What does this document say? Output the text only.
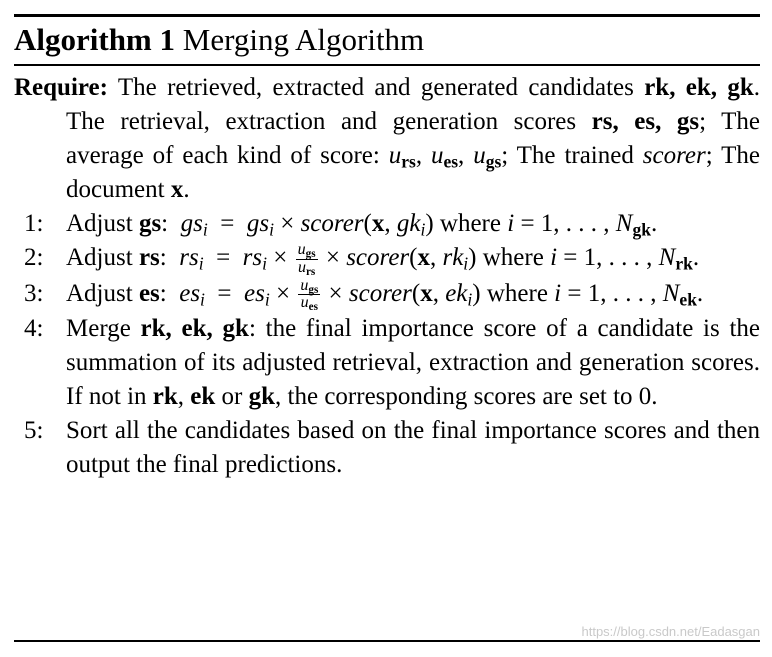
Algorithm 1 Merging Algorithm
Require: The retrieved, extracted and generated candidates rk, ek, gk. The retrieval, extraction and generation scores rs, es, gs; The average of each kind of score: urs, ues, ugs; The trained scorer; The document x.
1: Adjust gs:  $gs_i = gs_i$ × scorer(x, $gk_i$) where i = 1, . . . , Ngk.
2: Adjust rs:  $rs_i = rs_i \times \frac{\text{ugs}}{\text{urs}}$ × scorer(x, $rk_i$) where i = 1, . . . , Nrk.
3: Adjust es:  $es_i = es_i \times \frac{\text{ugs}}{\text{ues}}$ × scorer(x, $ek_i$) where i = 1, . . . , Nek.
4: Merge rk, ek, gk: the final importance score of a candidate is the summation of its adjusted retrieval, extraction and generation scores. If not in rk, ek or gk, the corresponding scores are set to 0.
5: Sort all the candidates based on the final importance scores and then output the final predictions.
https://blog.csdn.net/Eadasgan
